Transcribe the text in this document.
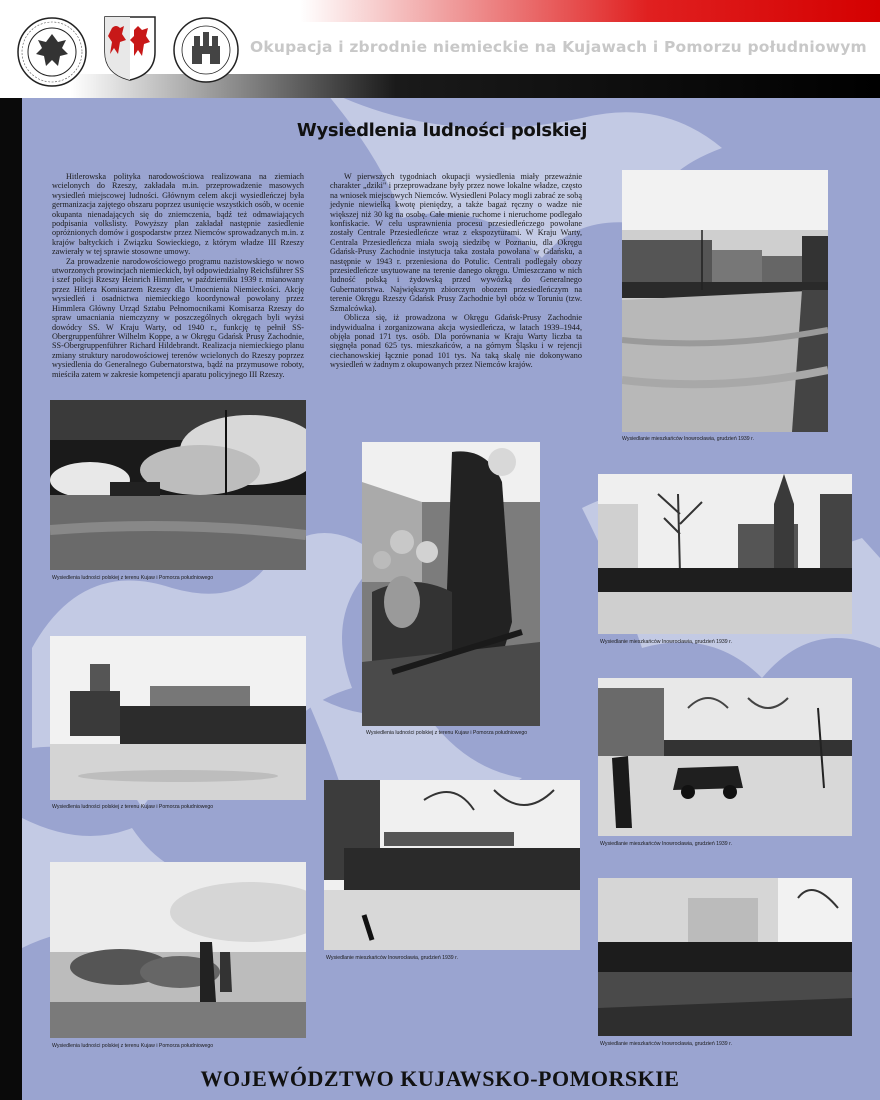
Okupacja i zbrodnie niemieckie na Kujawach i Pomorzu południowym
Wysiedlenia ludności polskiej

Hitlerowska polityka narodowościowa realizowana na ziemiach wcielonych do Rzeszy, zakładała m.in. przeprowadzenie masowych wysiedleń miejscowej ludności. Głównym celem akcji wysiedleńczej była germanizacja zajętego obszaru poprzez usunięcie wszystkich osób, w ocenie okupanta nienadających się do zniemczenia, bądź też odmawiających podpisania volkslisty. Powyższy plan zakładał następnie zasiedlenie opróżnionych domów i gospodarstw przez Niemców sprowadzanych m.in. z krajów bałtyckich i Związku Sowieckiego, z którym władze III Rzeszy zawierały w tej sprawie stosowne umowy.

Za prowadzenie narodowościowego programu nazistowskiego w nowo utworzonych prowincjach niemieckich, był odpowiedzialny Reichsführer SS i szef policji Rzeszy Heinrich Himmler, w październiku 1939 r. mianowany przez Hitlera Komisarzem Rzeszy dla Umocnienia Niemieckości. Akcję wysiedleń i osadnictwa niemieckiego koordynował powołany przez Himmlera Główny Urząd Sztabu Pełnomocnikami Komisarza Rzeszy do spraw umacniania niemczyzny w poszczególnych okręgach byli wyżsi dowódcy SS. W Kraju Warty, od 1940 r., funkcję tę pełnił SS-Obergruppenführer Wilhelm Koppe, a w Okręgu Gdańsk Prusy Zachodnie, SS-Obergruppenführer Richard Hildebrandt. Realizacja niemieckiego planu zmiany struktury narodowościowej terenów wcielonych do Rzeszy poprzez wysiedlenia do Generalnego Gubernatorstwa, bądź na przymusowe roboty, mieściła zatem w zakresie kompetencji aparatu policyjnego III Rzeszy.

W pierwszych tygodniach okupacji wysiedlenia miały przeważnie charakter „dziki" i przeprowadzane były przez nowe lokalne władze, często na wniosek miejscowych Niemców. Wysiedleni Polacy mogli zabrać ze sobą jedynie niewielką kwotę pieniędzy, a także bagaż ręczny o wadze nie większej niż 30 kg na osobę. Całe mienie ruchome i nieruchome podlegało konfiskacie. W celu usprawnienia procesu przesiedleńczego powołane zostały Centrale Przesiedleńcze wraz z ekspozyturami. W Kraju Warty, Centrala Przesiedleńcza miała swoją siedzibę w Poznaniu, dla Okręgu Gdańsk-Prusy Zachodnie instytucja taka została powołana w Gdańsku, a następnie w 1943 r. przeniesiona do Potulic. Centrali podlegały obozy przesiedleńcze usytuowane na terenie danego okręgu. Umieszczano w nich ludność polską i żydowską przed wywózką do Generalnego Gubernatorstwa. Największym zbiorczym obozem przesiedleńczym na terenie Okręgu Rzeszy Gdańsk Prusy Zachodnie był obóz w Toruniu (tzw. Szmalcówka).

Oblicza się, iż prowadzona w Okręgu Gdańsk-Prusy Zachodnie indywidualna i zorganizowana akcja wysiedleńcza, w latach 1939–1944, objęła ponad 171 tys. osób. Dla porównania w Kraju Warty liczba ta sięgnęła ponad 625 tys. mieszkańców, a na górnym Śląsku i w rejencji ciechanowskiej łącznie ponad 101 tys. Na taką skalę nie dokonywano wysiedleń w żadnym z okupowanych przez Niemców krajów.

Wysiedlanie mieszkańców Inowrocławia, grudzień 1939 r.
Wysiedlenia ludności polskiej z terenu Kujaw i Pomorza południowego
Wysiedlenia ludności polskiej z terenu Kujaw i Pomorza południowego
Wysiedlanie mieszkańców Inowrocławia, grudzień 1939 r.
Wysiedlenia ludności polskiej z terenu Kujaw i Pomorza południowego
Wysiedlanie mieszkańców Inowrocławia, grudzień 1939 r.
Wysiedlanie mieszkańców Inowrocławia, grudzień 1939 r.
Wysiedlenia ludności polskiej z terenu Kujaw i Pomorza południowego	Wysiedlanie mieszkańców Inowrocławia, grudzień 1939 r.
WOJEWÓDZTWO KUJAWSKO-POMORSKIE
